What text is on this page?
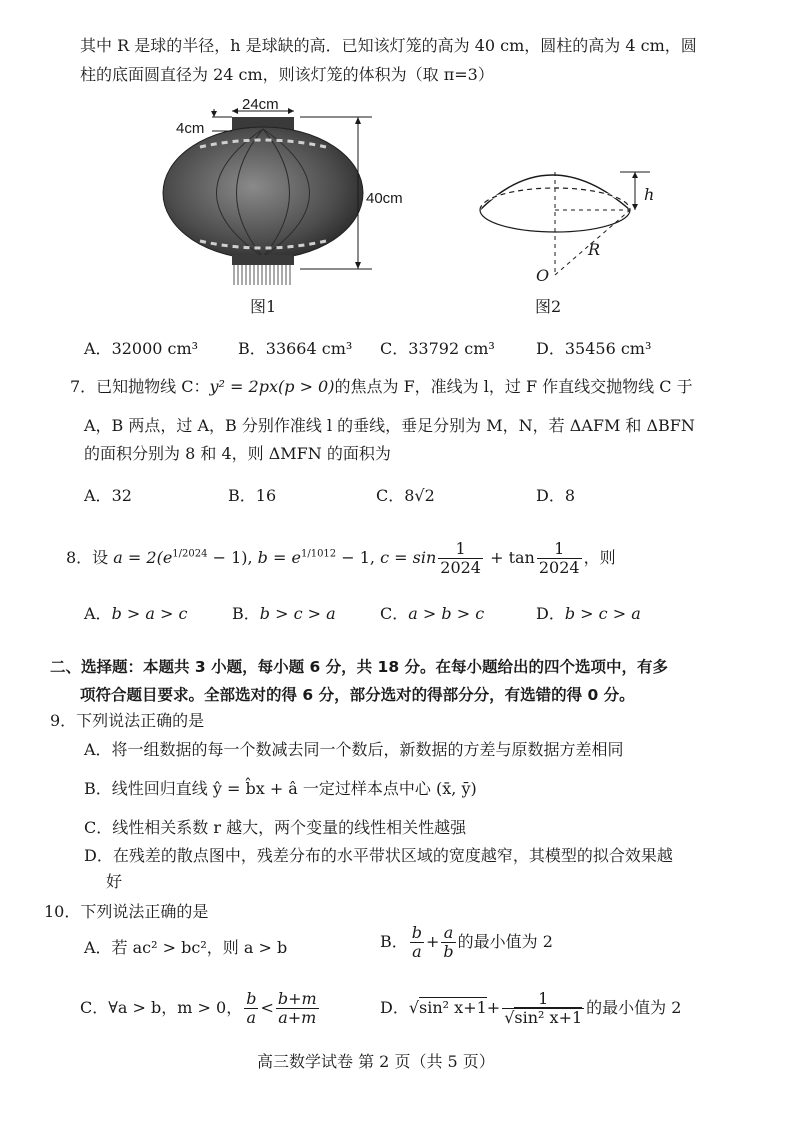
其中 R 是球的半径，h 是球缺的高．已知该灯笼的高为 40 cm，圆柱的高为 4 cm，圆
柱的底面圆直径为 24 cm，则该灯笼的体积为（取 π=3）
24cm
4cm
40cm
图1
h
R
O
图2
A．32000 cm³ B．33664 cm³ C．33792 cm³	D．35456 cm³
7．已知抛物线 C：y² = 2px(p > 0)的焦点为 F，准线为 l，过 F 作直线交抛物线 C 于
A，B 两点，过 A，B 分别作准线 l 的垂线，垂足分别为 M，N，若 ΔAFM 和 ΔBFN
的面积分别为 8 和 4，则 ΔMFN 的面积为
A．32	B．16	C．8√2	D．8
8．设 $a = 2(e^{1/2024} - 1)$, $b = e^{1/1012} - 1$, $c = \sin \frac{1}{2024} + \tan \frac{1}{2024}$ ，则
A．b > a > c	B．b > c > a	C．a > b > c	D．b > c > a
二、选择题：本题共 3 小题，每小题 6 分，共 18 分。在每小题给出的四个选项中，有多
项符合题目要求。全部选对的得 6 分，部分选对的得部分分，有选错的得 0 分。
9．下列说法正确的是
A．将一组数据的每一个数减去同一个数后，新数据的方差与原数据方差相同
B．线性回归直线 ŷ = b̂x + â 一定过样本点中心 (x̄, ȳ)
C．线性相关系数 r 越大，两个变量的线性相关性越强
D．在残差的散点图中，残差分布的水平带状区域的宽度越窄，其模型的拟合效果越
好
10．下列说法正确的是
A．若 ac² > bc²，则 a > b	B． $\frac{b}{a} + \frac{a}{b}$ 的最小值为 2
C．∀a > b，m > 0， $\frac{b}{a} < \frac{b+m}{a+m}$	D．√sin² $x+1+ \frac{1}{\text{√sin² x+1}}$ 的最小值为 2
高三数学试卷 第 2 页（共 5 页）
